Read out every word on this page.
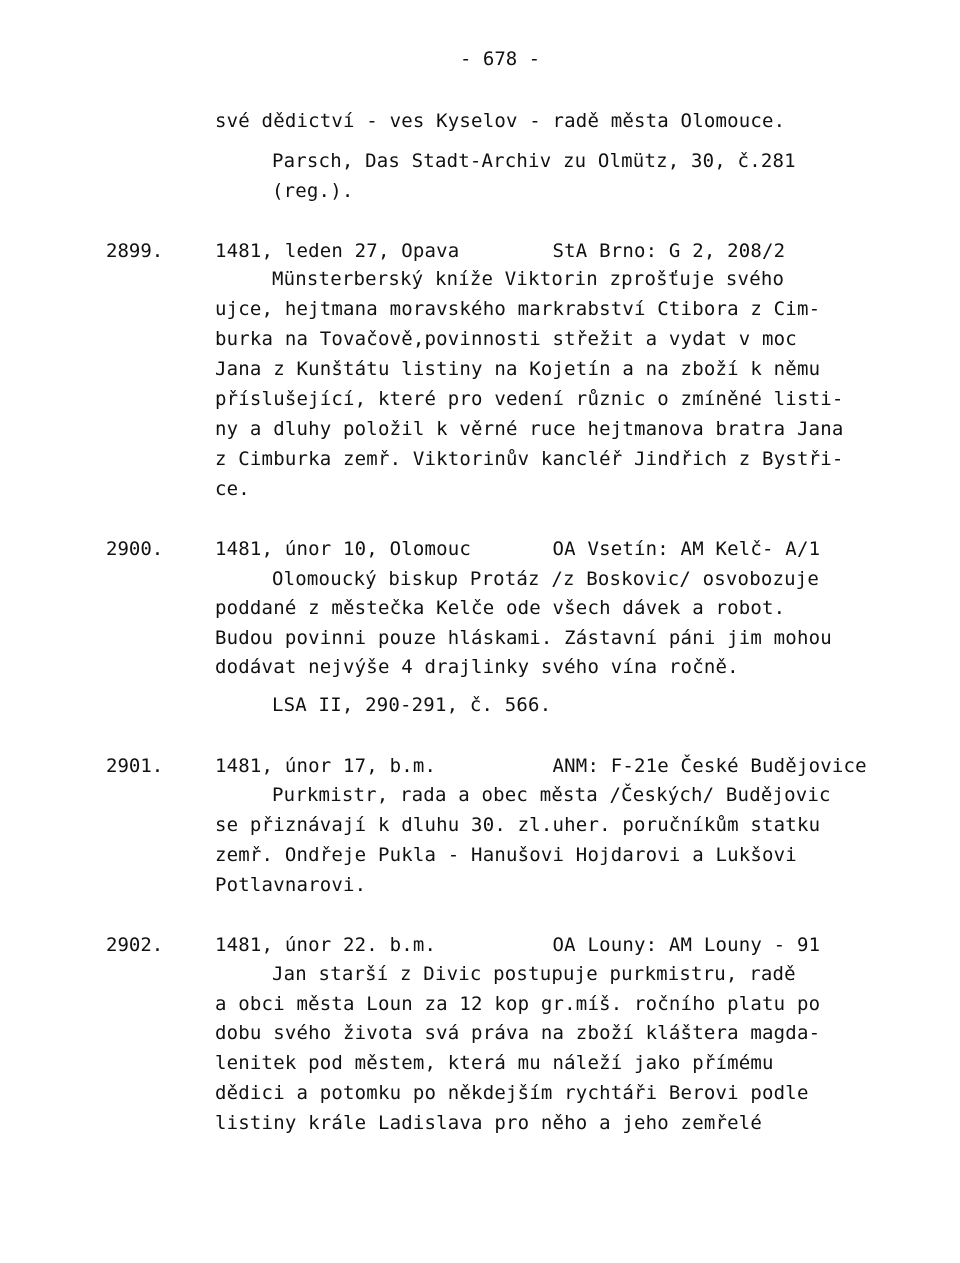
- 678 -
své dědictví - ves Kyselov - radě města Olomouce.
Parsch, Das Stadt-Archiv zu Olmütz, 30, č.281
(reg.).
2899.	1481, leden 27, Opava        StA Brno: G 2, 208/2
Münsterberský kníže Viktorin zprošťuje svého
ujce, hejtmana moravského markrabství Ctibora z Cim-
burka na Tovačově,povinnosti střežit a vydat v moc
Jana z Kunštátu listiny na Kojetín a na zboží k němu
příslušející, které pro vedení různic o zmíněné listi-
ny a dluhy položil k věrné ruce hejtmanova bratra Jana
z Cimburka zemř. Viktorinův kancléř Jindřich z Bystři-
ce.
2900.	1481, únor 10, Olomouc       OA Vsetín: AM Kelč- A/1
Olomoucký biskup Protáz /z Boskovic/ osvobozuje
poddané z městečka Kelče ode všech dávek a robot.
Budou povinni pouze hláskami. Zástavní páni jim mohou
dodávat nejvýše 4 drajlinky svého vína ročně.
LSA II, 290-291, č. 566.
2901.	1481, únor 17, b.m.          ANM: F-21e České Budějovice
Purkmistr, rada a obec města /Českých/ Budějovic
se přiznávají k dluhu 30. zl.uher. poručníkům statku
zemř. Ondřeje Pukla - Hanušovi Hojdarovi a Lukšovi
Potlavnarovi.
2902.	1481, únor 22. b.m.          OA Louny: AM Louny - 91
Jan starší z Divic postupuje purkmistru, radě
a obci města Loun za 12 kop gr.míš. ročního platu po
dobu svého života svá práva na zboží kláštera magda-
lenitek pod městem, která mu náleží jako přímému
dědici a potomku po někdejším rychtáři Berovi podle
listiny krále Ladislava pro něho a jeho zemřelé
